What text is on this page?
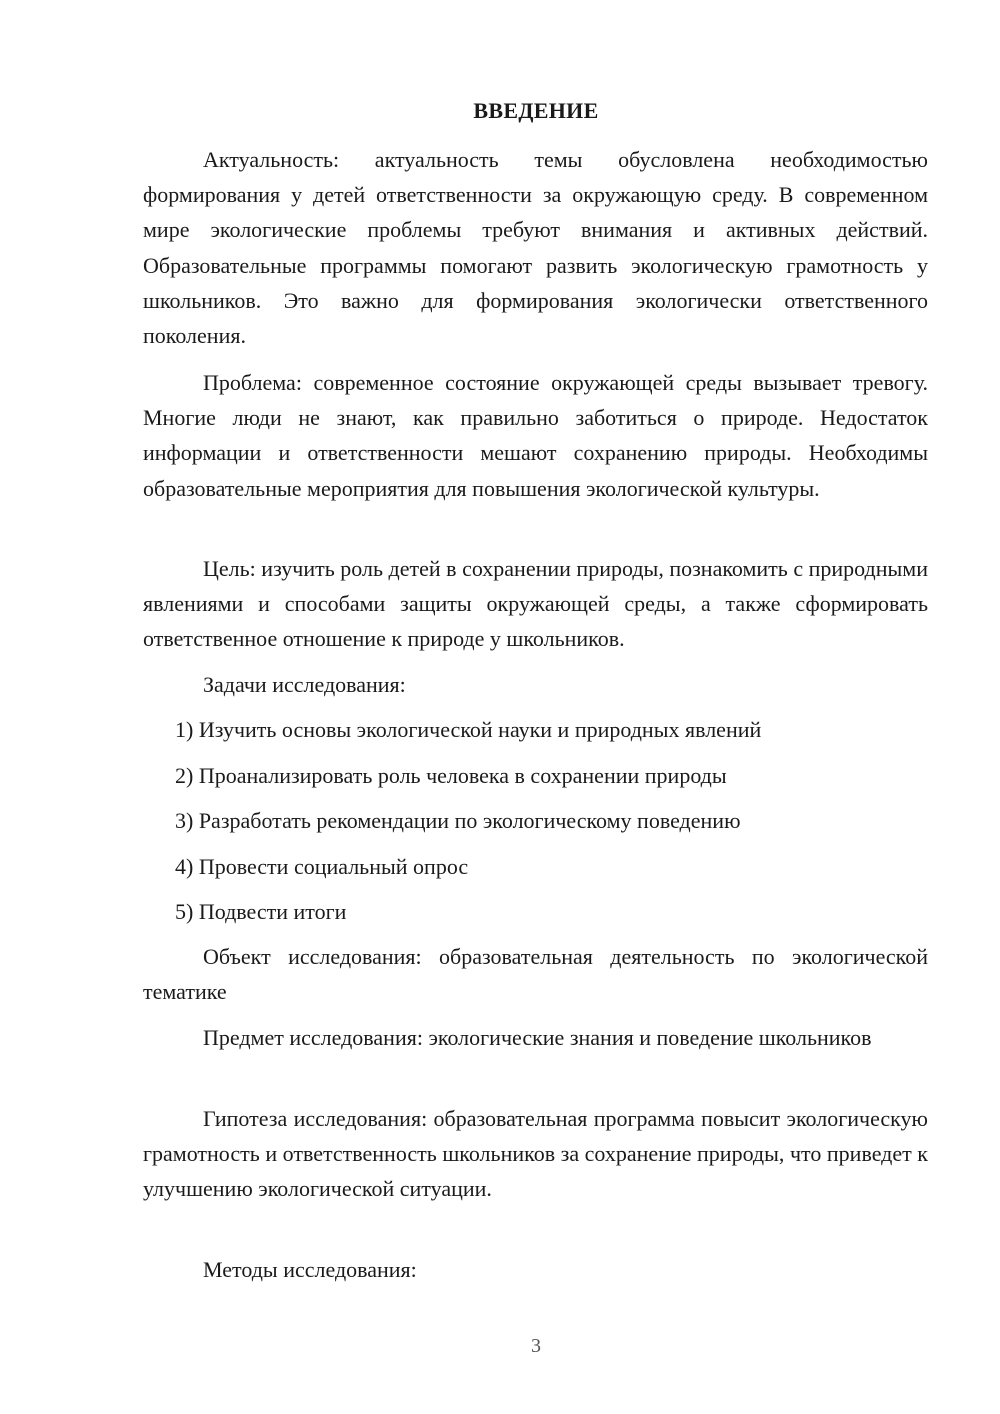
ВВЕДЕНИЕ

Актуальность: актуальность темы обусловлена необходимостью формирования у детей ответственности за окружающую среду. В современном мире экологические проблемы требуют внимания и активных действий. Образовательные программы помогают развить экологическую грамотность у школьников. Это важно для формирования экологически ответственного поколения.

Проблема: современное состояние окружающей среды вызывает тревогу. Многие люди не знают, как правильно заботиться о природе. Недостаток информации и ответственности мешают сохранению природы. Необходимы образовательные мероприятия для повышения экологической культуры.

Цель: изучить роль детей в сохранении природы, познакомить с природными явлениями и способами защиты окружающей среды, а также сформировать ответственное отношение к природе у школьников.

Задачи исследования:

1) Изучить основы экологической науки и природных явлений

2) Проанализировать роль человека в сохранении природы

3) Разработать рекомендации по экологическому поведению

4) Провести социальный опрос

5) Подвести итоги

Объект исследования: образовательная деятельность по экологической тематике

Предмет исследования: экологические знания и поведение школьников

Гипотеза исследования: образовательная программа повысит экологическую грамотность и ответственность школьников за сохранение природы, что приведет к улучшению экологической ситуации.

Методы исследования:

3
